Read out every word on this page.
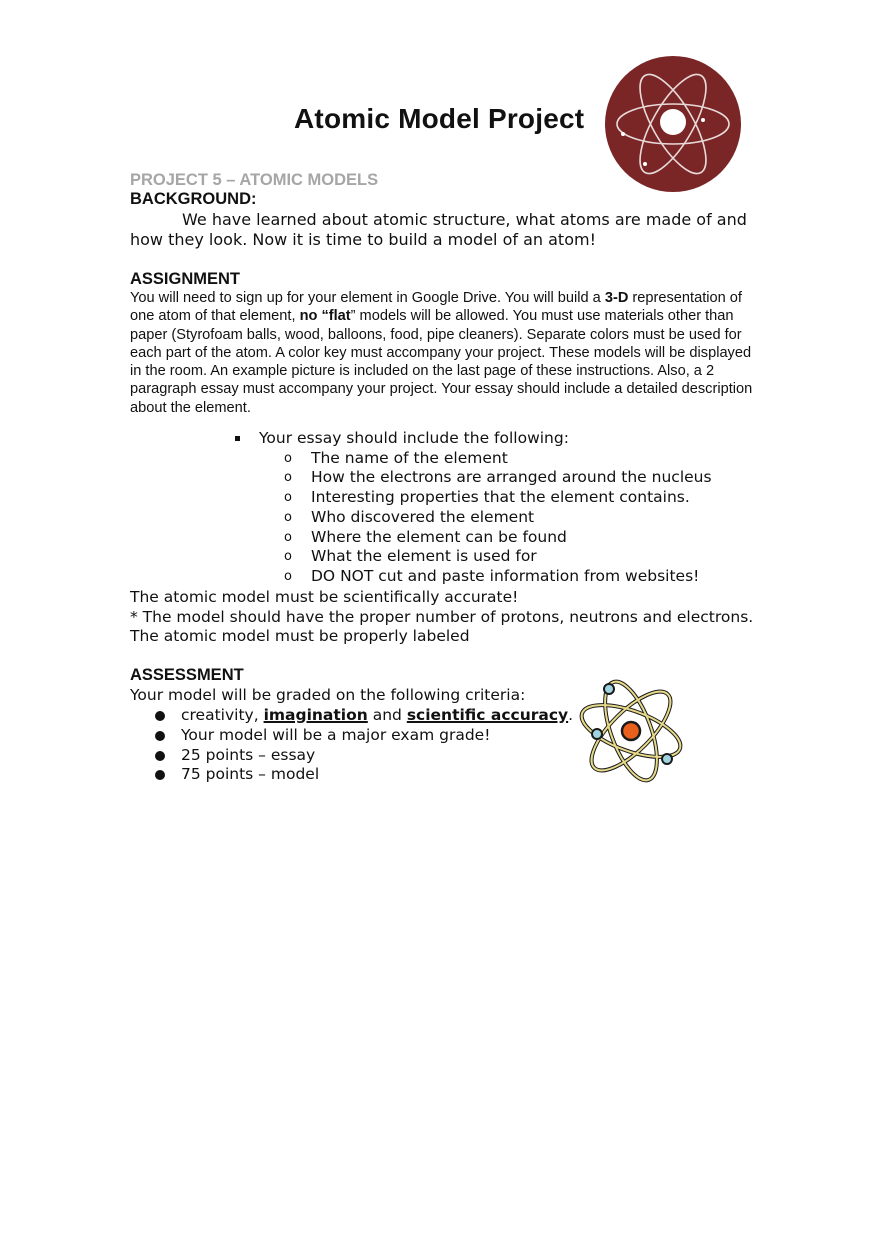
Atomic Model Project
PROJECT 5 – ATOMIC MODELS
BACKGROUND:
We have learned about atomic structure, what atoms are made of and
how they look. Now it is time to build a model of an atom!
ASSIGNMENT
You will need to sign up for your element in Google Drive. You will build a 3-D representation of one atom of that element, no “flat” models will be allowed. You must use materials other than paper (Styrofoam balls, wood, balloons, food, pipe cleaners). Separate colors must be used for each part of the atom. A color key must accompany your project. These models will be displayed in the room. An example picture is included on the last page of these instructions. Also, a 2 paragraph essay must accompany your project. Your essay should include a detailed description about the element.
Your essay should include the following:
o The name of the element
o How the electrons are arranged around the nucleus
o Interesting properties that the element contains.
o Who discovered the element
o Where the element can be found
o What the element is used for
o DO NOT cut and paste information from websites!
The atomic model must be scientifically accurate!
* The model should have the proper number of protons, neutrons and electrons.
The atomic model must be properly labeled
ASSESSMENT
Your model will be graded on the following criteria:
creativity, imagination and scientific accuracy.
Your model will be a major exam grade!
25 points – essay
75 points – model
